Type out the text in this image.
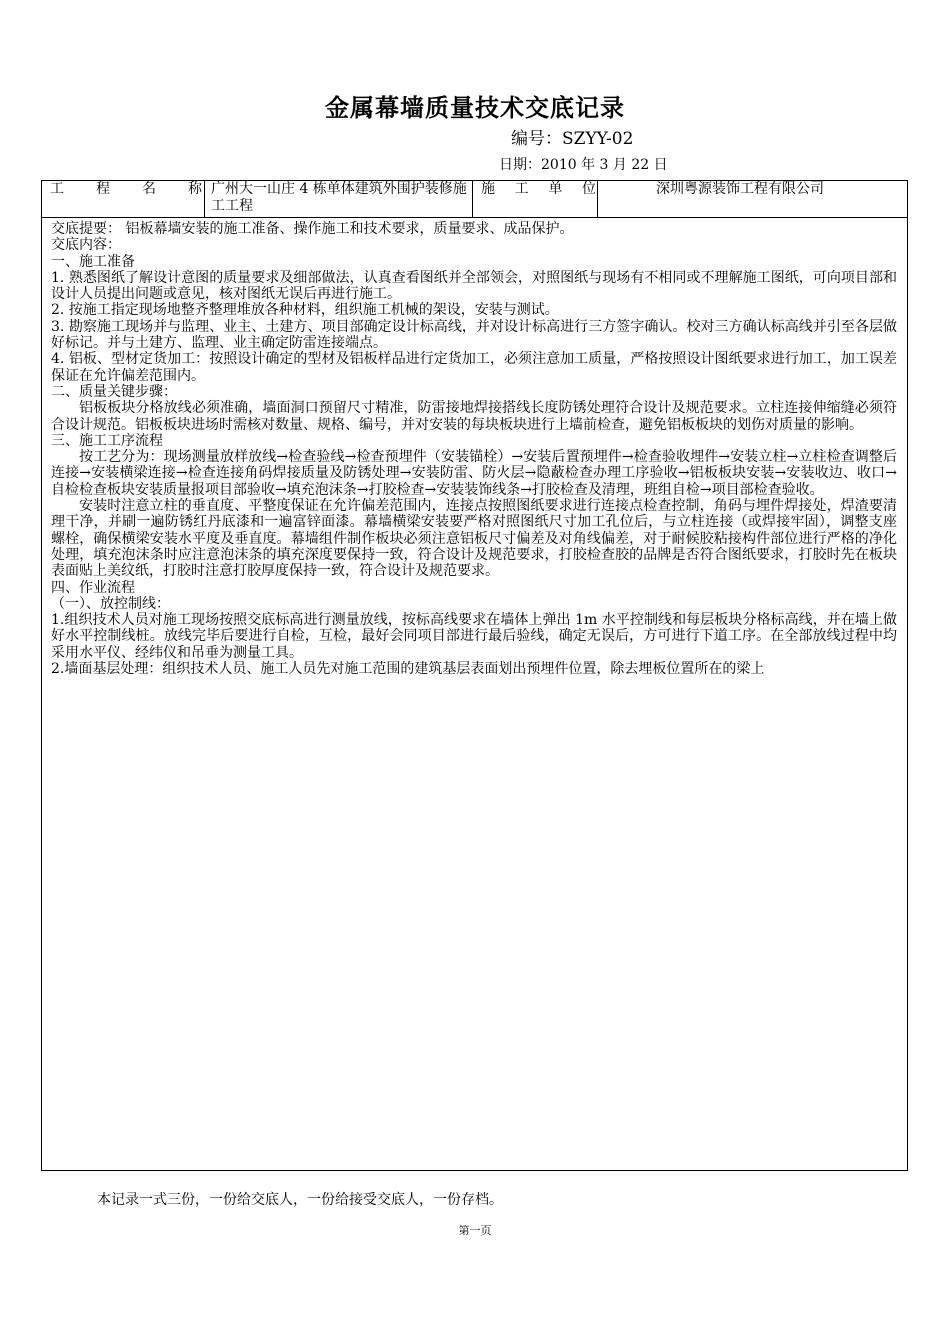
金属幕墙质量技术交底记录
编号：SZYY-02
日期：2010 年 3 月 22 日
工 程 名 称 广州大一山庄 4 栋单体建筑外围护装修施工工程
施 工 单 位	深圳粤源装饰工程有限公司

交底提要： 铝板幕墙安装的施工准备、操作施工和技术要求，质量要求、成品保护。

交底内容：

一、施工准备

1. 熟悉图纸了解设计意图的质量要求及细部做法，认真查看图纸并全部领会，对照图纸与现场有不相同或不理解施工图纸，可向项目部和设计人员提出问题或意见，核对图纸无误后再进行施工。

2. 按施工指定现场地整齐整理堆放各种材料，组织施工机械的架设，安装与测试。

3. 勘察施工现场并与监理、业主、土建方、项目部确定设计标高线，并对设计标高进行三方签字确认。校对三方确认标高线并引至各层做好标记。并与土建方、监理、业主确定防雷连接端点。

4. 铝板、型材定货加工：按照设计确定的型材及铝板样品进行定货加工，必须注意加工质量，严格按照设计图纸要求进行加工，加工误差保证在允许偏差范围内。

二、质量关键步骤：

铝板板块分格放线必须准确，墙面洞口预留尺寸精准，防雷接地焊接搭线长度防锈处理符合设计及规范要求。立柱连接伸缩缝必须符合设计规范。铝板板块进场时需核对数量、规格、编号，并对安装的每块板块进行上墙前检查，避免铝板板块的划伤对质量的影响。

三、施工工序流程

按工艺分为：现场测量放样放线→检查验线→检查预埋件（安装锚栓）→安装后置预埋件→检查验收埋件→安装立柱→立柱检查调整后连接→安装横梁连接→检查连接角码焊接质量及防锈处理→安装防雷、防火层→隐蔽检查办理工序验收→铝板板块安装→安装收边、收口→自检检查板块安装质量报项目部验收→填充泡沫条→打胶检查→安装装饰线条→打胶检查及清理，班组自检→项目部检查验收。

安装时注意立柱的垂直度、平整度保证在允许偏差范围内，连接点按照图纸要求进行连接点检查控制，角码与埋件焊接处，焊渣要清理干净，并刷一遍防锈红丹底漆和一遍富锌面漆。幕墙横梁安装要严格对照图纸尺寸加工孔位后，与立柱连接（或焊接牢固），调整支座螺栓，确保横梁安装水平度及垂直度。幕墙组件制作板块必须注意铝板尺寸偏差及对角线偏差，对于耐候胶粘接构件部位进行严格的净化处理，填充泡沫条时应注意泡沫条的填充深度要保持一致，符合设计及规范要求，打胶检查胶的品牌是否符合图纸要求，打胶时先在板块表面贴上美纹纸，打胶时注意打胶厚度保持一致，符合设计及规范要求。

四、作业流程

（一）、放控制线：

1.组织技术人员对施工现场按照交底标高进行测量放线，按标高线要求在墙体上弹出 1m 水平控制线和每层板块分格标高线，并在墙上做好水平控制线桩。放线完毕后要进行自检，互检，最好会同项目部进行最后验线，确定无误后，方可进行下道工序。在全部放线过程中均采用水平仪、经纬仪和吊垂为测量工具。

2.墙面基层处理：组织技术人员、施工人员先对施工范围的建筑基层表面划出预埋件位置，除去埋板位置所在的梁上

本记录一式三份，一份给交底人，一份给接受交底人，一份存档。
第一页
